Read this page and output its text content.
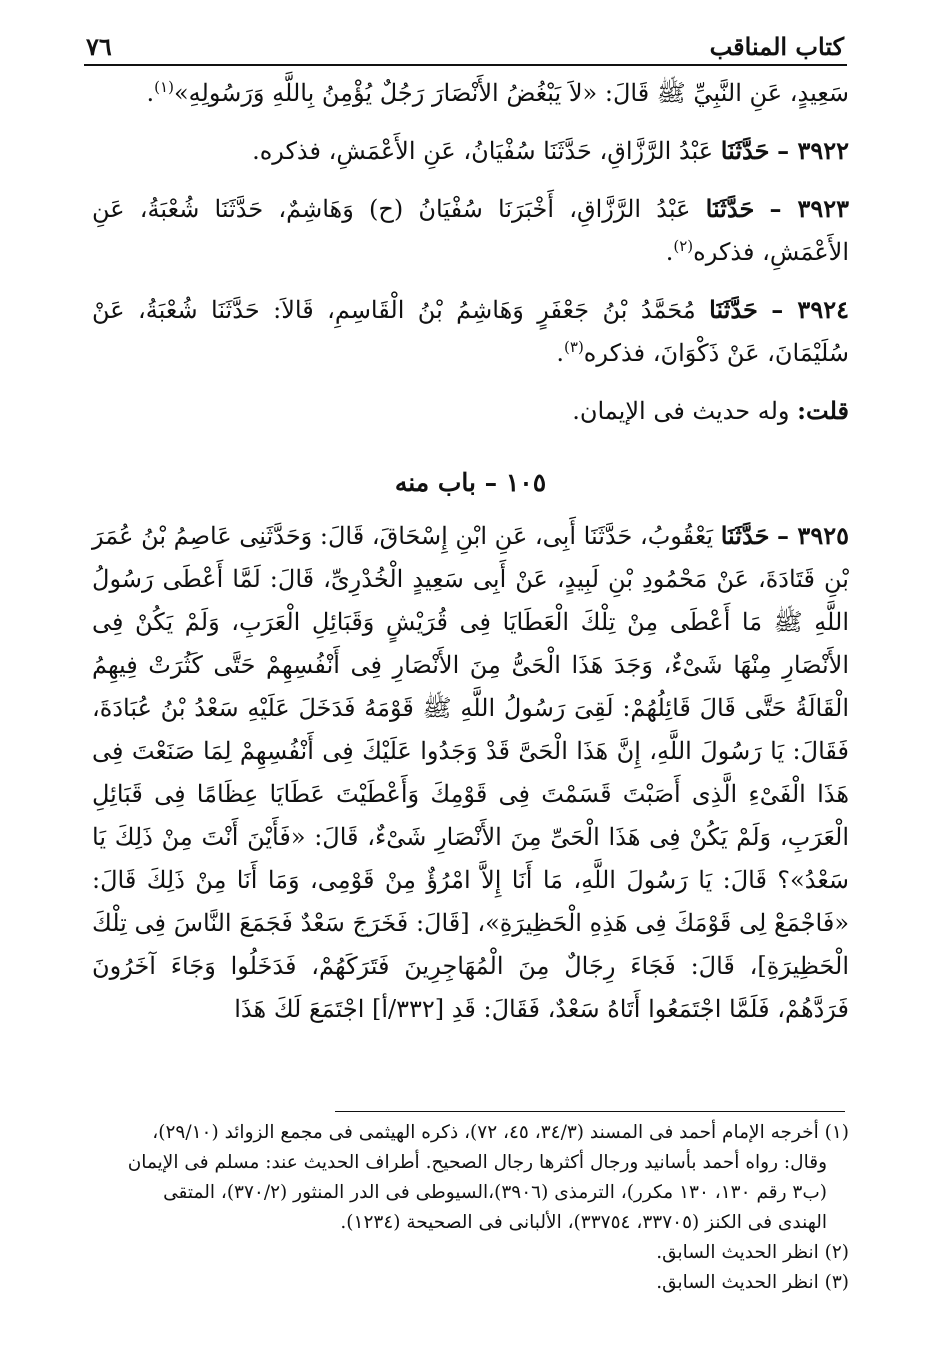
كتاب المناقب
٧٦

سَعِيدٍ، عَنِ النَّبِيِّ ﷺ قَالَ: «لاَ يَبْغُضُ الأَنْصَارَ رَجُلٌ يُؤْمِنُ بِاللَّهِ وَرَسُولِهِ»$^{(١)}$.

٣٩٢٢ – حَدَّثَنَا عَبْدُ الرَّزَّاقِ، حَدَّثَنَا سُفْيَانُ، عَنِ الأَعْمَشِ، فذكره.

٣٩٢٣ – حَدَّثَنَا عَبْدُ الرَّزَّاقِ، أَخْبَرَنَا سُفْيَانُ (ح) وَهَاشِمٌ، حَدَّثَنَا شُعْبَةُ، عَنِ الأَعْمَشِ، فذكره$^{(٢)}$.

٣٩٢٤ – حَدَّثَنَا مُحَمَّدُ بْنُ جَعْفَرٍ وَهَاشِمُ بْنُ الْقَاسِمِ، قَالاَ: حَدَّثَنَا شُعْبَةُ، عَنْ سُلَيْمَانَ، عَنْ ذَكْوَانَ، فذكره$^{(٣)}$.

قلت: وله حديث فى الإيمان.

١٠٥ – باب منه

٣٩٢٥ – حَدَّثَنَا يَعْقُوبُ، حَدَّثَنَا أَبِى، عَنِ ابْنِ إِسْحَاقَ، قَالَ: وَحَدَّثَنِى عَاصِمُ بْنُ عُمَرَ بْنِ قَتَادَةَ، عَنْ مَحْمُودِ بْنِ لَبِيدٍ، عَنْ أَبِى سَعِيدٍ الْخُدْرِىِّ، قَالَ: لَمَّا أَعْطَى رَسُولُ اللَّهِ ﷺ مَا أَعْطَى مِنْ تِلْكَ الْعَطَايَا فِى قُرَيْشٍ وَقَبَائِلِ الْعَرَبِ، وَلَمْ يَكُنْ فِى الأَنْصَارِ مِنْهَا شَىْءٌ، وَجَدَ هَذَا الْحَىُّ مِنَ الأَنْصَارِ فِى أَنْفُسِهِمْ حَتَّى كَثُرَتْ فِيهِمُ الْقَالَةُ حَتَّى قَالَ قَائِلُهُمْ: لَقِىَ رَسُولُ اللَّهِ ﷺ قَوْمَهُ فَدَخَلَ عَلَيْهِ سَعْدُ بْنُ عُبَادَةَ، فَقَالَ: يَا رَسُولَ اللَّهِ، إِنَّ هَذَا الْحَىَّ قَدْ وَجَدُوا عَلَيْكَ فِى أَنْفُسِهِمْ لِمَا صَنَعْتَ فِى هَذَا الْفَىْءِ الَّذِى أَصَبْتَ قَسَمْتَ فِى قَوْمِكَ وَأَعْطَيْتَ عَطَايَا عِظَامًا فِى قَبَائِلِ الْعَرَبِ، وَلَمْ يَكُنْ فِى هَذَا الْحَىِّ مِنَ الأَنْصَارِ شَىْءٌ، قَالَ: «فَأَيْنَ أَنْتَ مِنْ ذَلِكَ يَا سَعْدُ»؟ قَالَ: يَا رَسُولَ اللَّهِ، مَا أَنَا إِلاَّ امْرُؤٌ مِنْ قَوْمِى، وَمَا أَنَا مِنْ ذَلِكَ قَالَ: «فَاجْمَعْ لِى قَوْمَكَ فِى هَذِهِ الْحَظِيرَةِ»، [قَالَ: فَخَرَجَ سَعْدٌ فَجَمَعَ النَّاسَ فِى تِلْكَ الْحَظِيرَةِ]، قَالَ: فَجَاءَ رِجَالٌ مِنَ الْمُهَاجِرِينَ فَتَرَكَهُمْ، فَدَخَلُوا وَجَاءَ آخَرُونَ فَرَدَّهُمْ، فَلَمَّا اجْتَمَعُوا أَتَاهُ سَعْدٌ، فَقَالَ: قَدِ [٣٣٢/أ] اجْتَمَعَ لَكَ هَذَا

(١) أخرجه الإمام أحمد فى المسند (٣٤/٣، ٤٥، ٧٢)، ذكره الهيثمى فى مجمع الزوائد (٢٩/١٠)،

وقال: رواه أحمد بأسانيد ورجال أكثرها رجال الصحيح. أطراف الحديث عند: مسلم فى الإيمان

(ب٣ رقم ١٣٠، ١٣٠ مكرر)، الترمذى (٣٩٠٦)،السيوطى فى الدر المنثور (٣٧٠/٢)، المتقى

الهندى فى الكنز (٣٣٧٠٥، ٣٣٧٥٤)، الألبانى فى الصحيحة (١٢٣٤).

(٢) انظر الحديث السابق.

(٣) انظر الحديث السابق.
